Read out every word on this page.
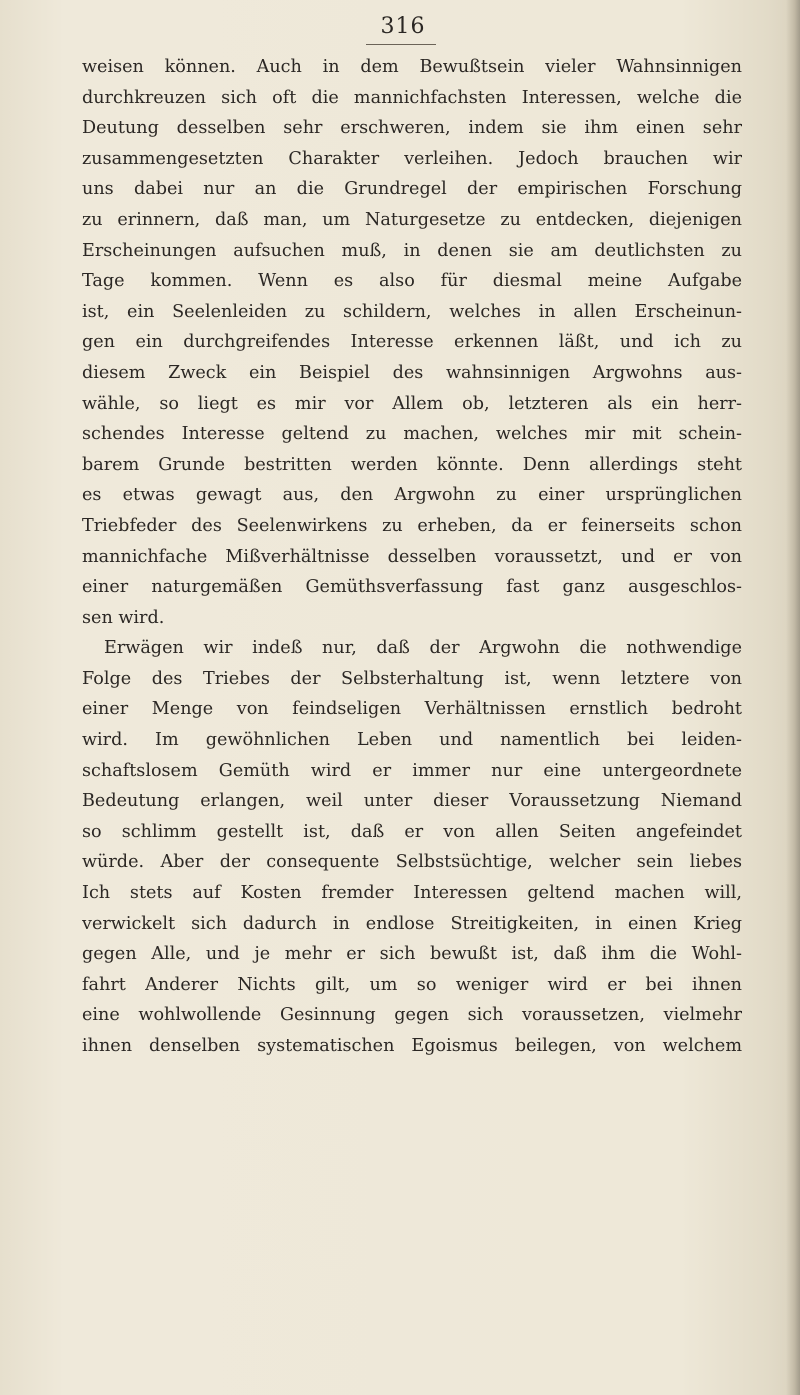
316
weisen können. Auch in dem Bewußtsein vieler Wahnsinnigen
durchkreuzen sich oft die mannichfachsten Interessen, welche die
Deutung desselben sehr erschweren, indem sie ihm einen sehr
zusammengesetzten Charakter verleihen. Jedoch brauchen wir
uns dabei nur an die Grundregel der empirischen Forschung
zu erinnern, daß man, um Naturgesetze zu entdecken, diejenigen
Erscheinungen aufsuchen muß, in denen sie am deutlichsten zu
Tage kommen. Wenn es also für diesmal meine Aufgabe
ist, ein Seelenleiden zu schildern, welches in allen Erscheinun-
gen ein durchgreifendes Interesse erkennen läßt, und ich zu
diesem Zweck ein Beispiel des wahnsinnigen Argwohns aus-
wähle, so liegt es mir vor Allem ob, letzteren als ein herr-
schendes Interesse geltend zu machen, welches mir mit schein-
barem Grunde bestritten werden könnte. Denn allerdings steht
es etwas gewagt aus, den Argwohn zu einer ursprünglichen
Triebfeder des Seelenwirkens zu erheben, da er feinerseits schon
mannichfache Mißverhältnisse desselben voraussetzt, und er von
einer naturgemäßen Gemüthsverfassung fast ganz ausgeschlos-
sen wird.
Erwägen wir indeß nur, daß der Argwohn die nothwendige
Folge des Triebes der Selbsterhaltung ist, wenn letztere von
einer Menge von feindseligen Verhältnissen ernstlich bedroht
wird. Im gewöhnlichen Leben und namentlich bei leiden-
schaftslosem Gemüth wird er immer nur eine untergeordnete
Bedeutung erlangen, weil unter dieser Voraussetzung Niemand
so schlimm gestellt ist, daß er von allen Seiten angefeindet
würde. Aber der consequente Selbstsüchtige, welcher sein liebes
Ich stets auf Kosten fremder Interessen geltend machen will,
verwickelt sich dadurch in endlose Streitigkeiten, in einen Krieg
gegen Alle, und je mehr er sich bewußt ist, daß ihm die Wohl-
fahrt Anderer Nichts gilt, um so weniger wird er bei ihnen
eine wohlwollende Gesinnung gegen sich voraussetzen, vielmehr
ihnen denselben systematischen Egoismus beilegen, von welchem
